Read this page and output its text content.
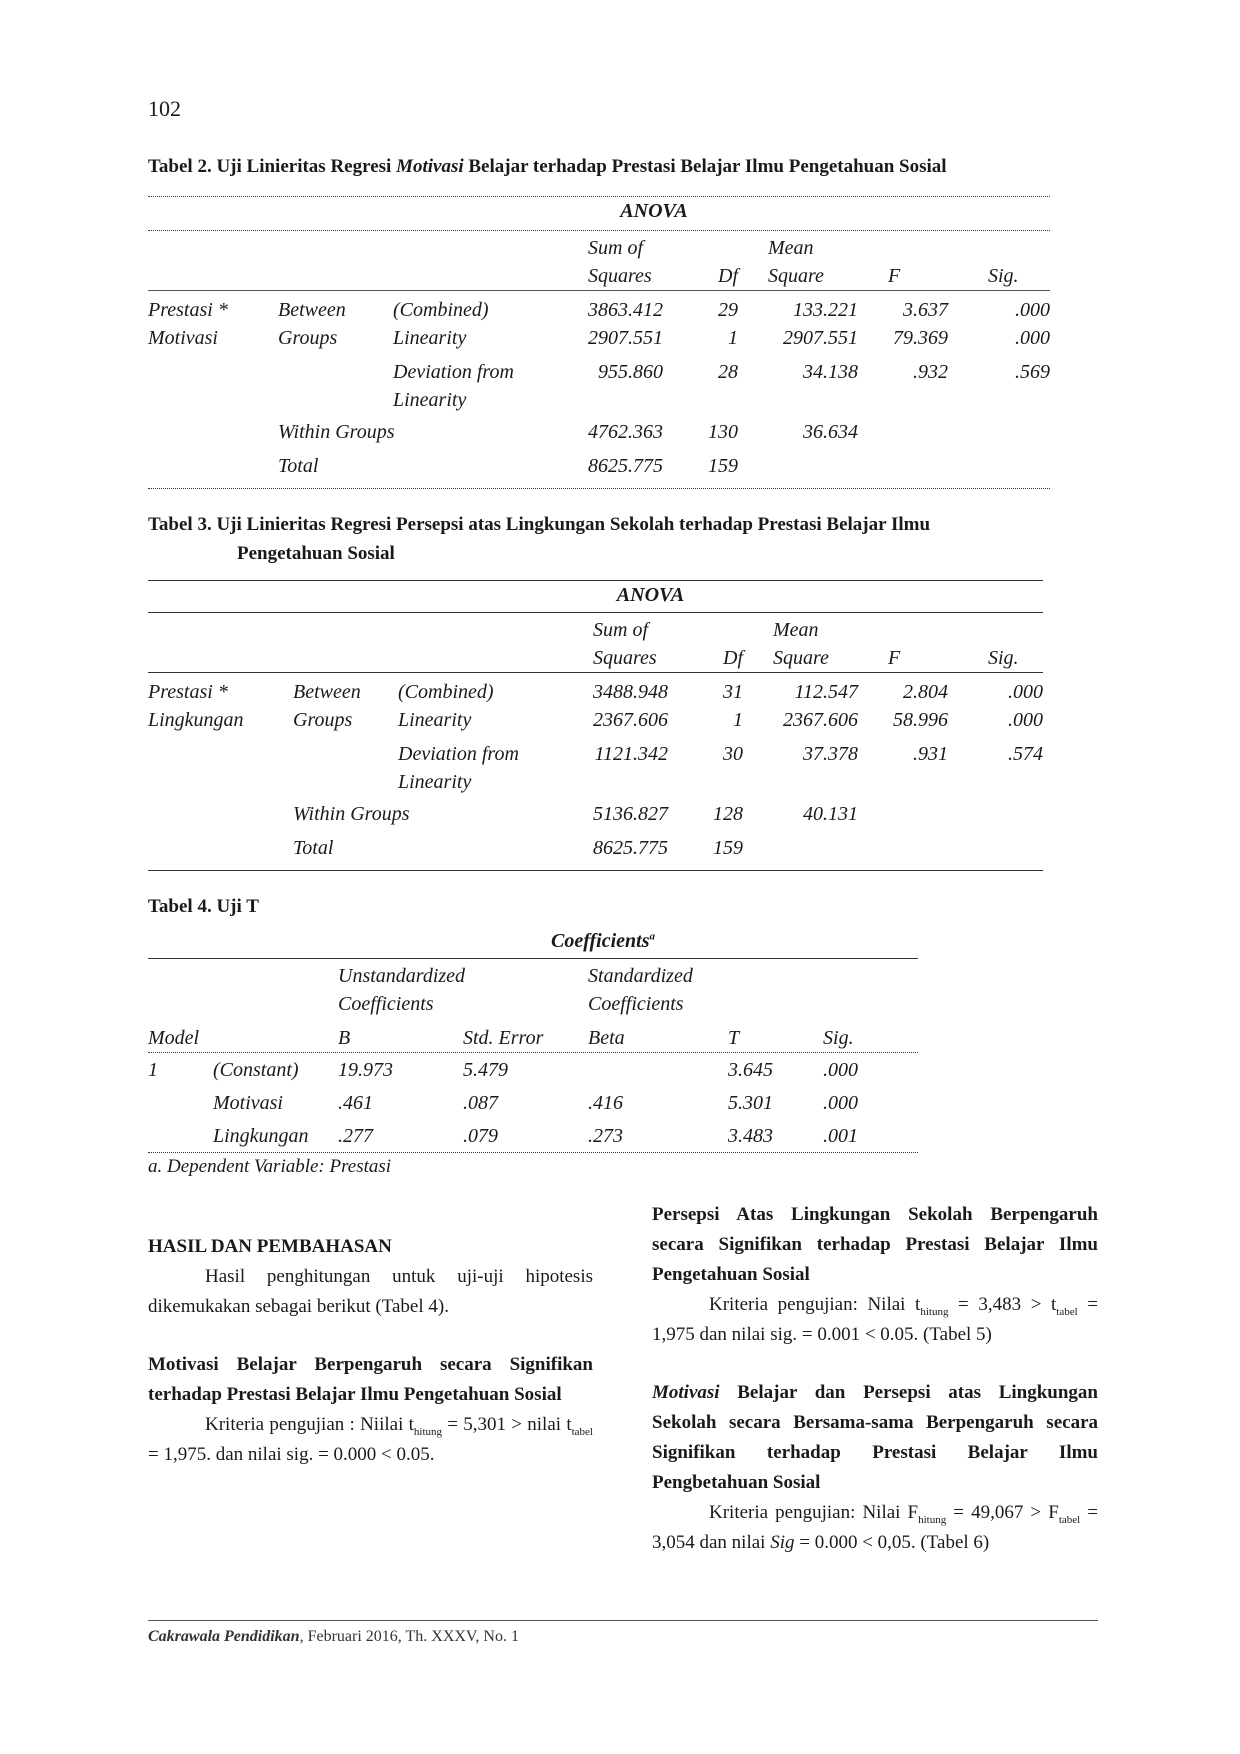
102
Tabel 2. Uji Linieritas Regresi Motivasi Belajar terhadap Prestasi Belajar Ilmu Pengetahuan Sosial
ANOVA
			Sum of Squares	Df	Mean Square	F	Sig.
Prestasi * Motivasi	Between Groups	(Combined)	3863.412	29	133.221	3.637	.000
		Linearity	2907.551	1	2907.551	79.369	.000
		Deviation from Linearity	955.860	28	34.138	.932	.569
	Within Groups		4762.363	130	36.634		
	Total		8625.775	159			
Tabel 3. Uji Linieritas Regresi Persepsi atas Lingkungan Sekolah terhadap Prestasi Belajar Ilmu
Pengetahuan Sosial
ANOVA
			Sum of Squares	Df	Mean Square	F	Sig.
Prestasi * Lingkungan	Between Groups	(Combined)	3488.948	31	112.547	2.804	.000
		Linearity	2367.606	1	2367.606	58.996	.000
		Deviation from Linearity	1121.342	30	37.378	.931	.574
	Within Groups		5136.827	128	40.131		
	Total		8625.775	159			
Tabel 4. Uji T
Coefficients$^a$
		Unstandardized Coefficients		Standardized Coefficients		
Model		B	Std. Error	Beta	T	Sig.
1	(Constant)	19.973	5.479		3.645	.000
	Motivasi	.461	.087	.416	5.301	.000
	Lingkungan	.277	.079	.273	3.483	.001
a. Dependent Variable: Prestasi
HASIL DAN PEMBAHASAN
Hasil penghitungan untuk uji-uji hipotesis dikemukakan sebagai berikut (Tabel 4).
Motivasi Belajar Berpengaruh secara Signifikan terhadap Prestasi Belajar Ilmu Pengetahuan Sosial
Kriteria pengujian : Niilai $t_{hitung} = 5,301$ > nilai $t_{tabel} = 1,975$. dan nilai sig. = 0.000 < 0.05.
Persepsi Atas Lingkungan Sekolah Berpengaruh secara Signifikan terhadap Prestasi Belajar Ilmu Pengetahuan Sosial
Kriteria pengujian: Nilai $t_{hitung} = 3,483 > t_{tabel} = 1,975$ dan nilai sig. = 0.001 < 0.05. (Tabel 5)
Motivasi Belajar dan Persepsi atas Lingkungan Sekolah secara Bersama-sama Berpengaruh secara Signifikan terhadap Prestasi Belajar Ilmu Pengbetahuan Sosial
Kriteria pengujian: Nilai $F_{hitung} = 49,067 > F_{tabel} = 3,054$ dan nilai Sig = 0.000 < 0,05. (Tabel 6)
Cakrawala Pendidikan, Februari 2016, Th. XXXV, No. 1
